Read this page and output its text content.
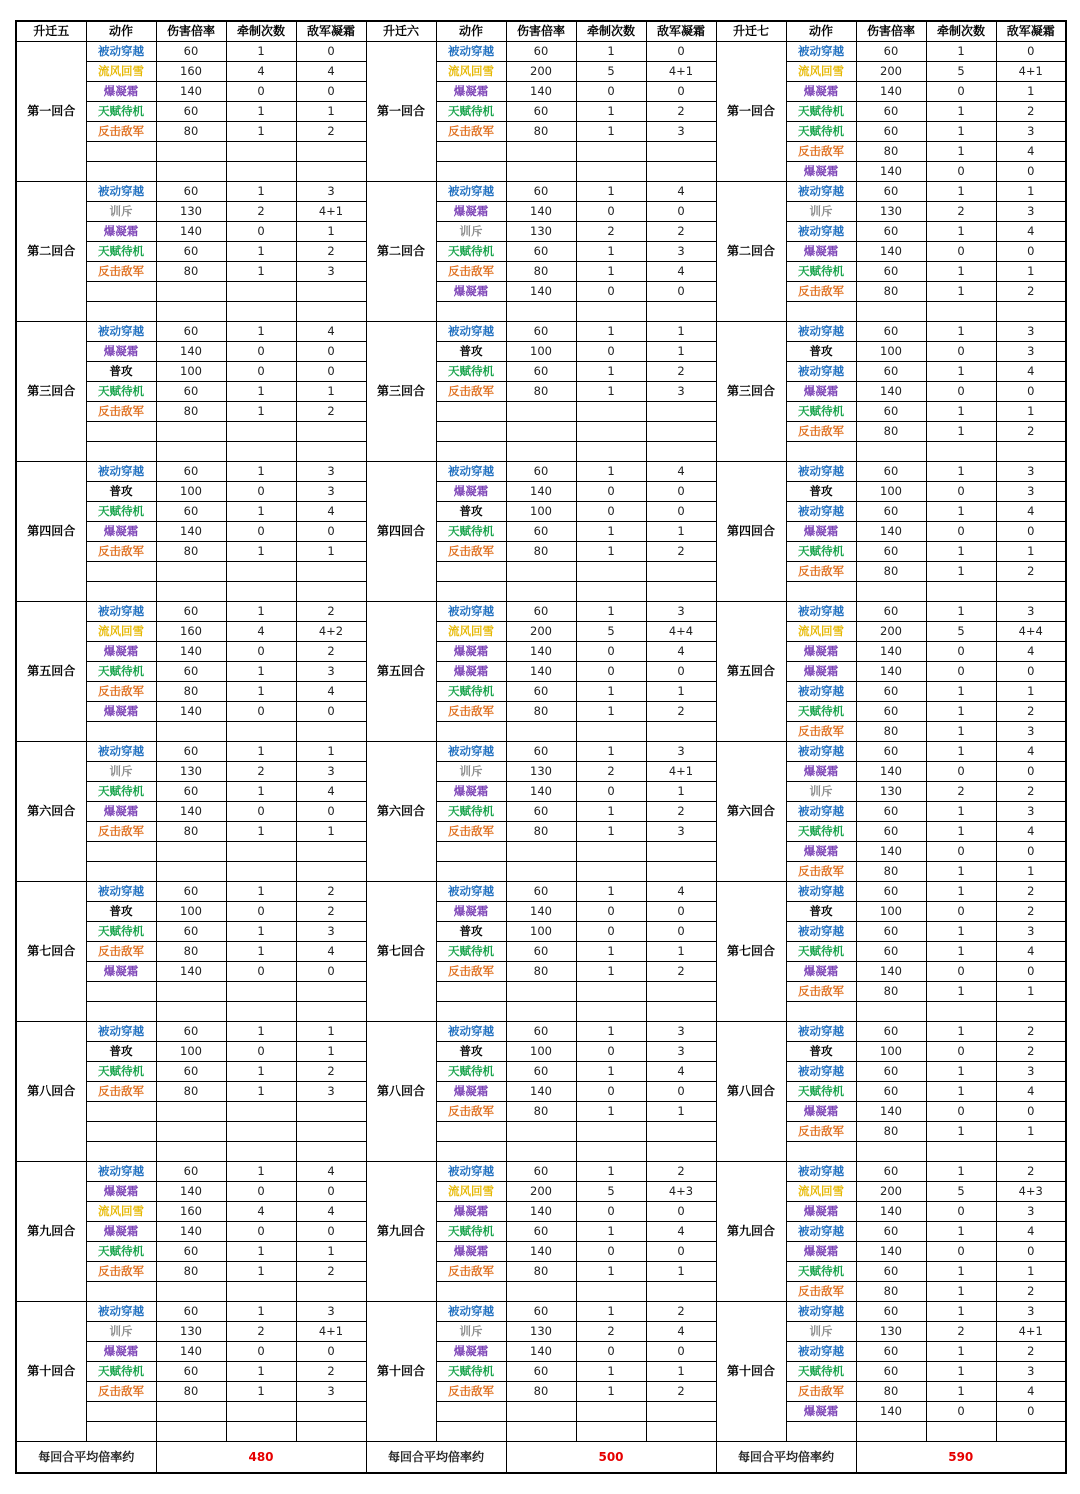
升迁五	动作	伤害倍率	牵制次数	敌军凝霜	升迁六	动作	伤害倍率	牵制次数	敌军凝霜	升迁七	动作	伤害倍率	牵制次数	敌军凝霜
第一回合	被动穿越	60	1	0	第一回合	被动穿越	60	1	0	第一回合	被动穿越	60	1	0
	流风回雪	160	4	4		流风回雪	200	5	4+1		流风回雪	200	5	4+1
	爆凝霜	140	0	0		爆凝霜	140	0	0		爆凝霜	140	0	1
	天赋待机	60	1	1		天赋待机	60	1	2		天赋待机	60	1	2
	反击敌军	80	1	2		反击敌军	80	1	3		天赋待机	60	1	3
											反击敌军	80	1	4
											爆凝霜	140	0	0
第二回合	被动穿越	60	1	3	第二回合	被动穿越	60	1	4	第二回合	被动穿越	60	1	1
	训斥	130	2	4+1		爆凝霜	140	0	0		训斥	130	2	3
	爆凝霜	140	0	1		训斥	130	2	2		被动穿越	60	1	4
	天赋待机	60	1	2		天赋待机	60	1	3		爆凝霜	140	0	0
	反击敌军	80	1	3		反击敌军	80	1	4		天赋待机	60	1	1
						爆凝霜	140	0	0		反击敌军	80	1	2

第三回合	被动穿越	60	1	4	第三回合	被动穿越	60	1	1	第三回合	被动穿越	60	1	3
	爆凝霜	140	0	0		普攻	100	0	1		普攻	100	0	3
	普攻	100	0	0		天赋待机	60	1	2		被动穿越	60	1	4
	天赋待机	60	1	1		反击敌军	80	1	3		爆凝霜	140	0	0
	反击敌军	80	1	2							天赋待机	60	1	1
											反击敌军	80	1	2

第四回合	被动穿越	60	1	3	第四回合	被动穿越	60	1	4	第四回合	被动穿越	60	1	3
	普攻	100	0	3		爆凝霜	140	0	0		普攻	100	0	3
	天赋待机	60	1	4		普攻	100	0	0		被动穿越	60	1	4
	爆凝霜	140	0	0		天赋待机	60	1	1		爆凝霜	140	0	0
	反击敌军	80	1	1		反击敌军	80	1	2		天赋待机	60	1	1
											反击敌军	80	1	2

第五回合	被动穿越	60	1	2	第五回合	被动穿越	60	1	3	第五回合	被动穿越	60	1	3
	流风回雪	160	4	4+2		流风回雪	200	5	4+4		流风回雪	200	5	4+4
	爆凝霜	140	0	2		爆凝霜	140	0	4		爆凝霜	140	0	4
	天赋待机	60	1	3		爆凝霜	140	0	0		爆凝霜	140	0	0
	反击敌军	80	1	4		天赋待机	60	1	1		被动穿越	60	1	1
	爆凝霜	140	0	0		反击敌军	80	1	2		天赋待机	60	1	2
											反击敌军	80	1	3
第六回合	被动穿越	60	1	1	第六回合	被动穿越	60	1	3	第六回合	被动穿越	60	1	4
	训斥	130	2	3		训斥	130	2	4+1		爆凝霜	140	0	0
	天赋待机	60	1	4		爆凝霜	140	0	1		训斥	130	2	2
	爆凝霜	140	0	0		天赋待机	60	1	2		被动穿越	60	1	3
	反击敌军	80	1	1		反击敌军	80	1	3		天赋待机	60	1	4
											爆凝霜	140	0	0
											反击敌军	80	1	1
第七回合	被动穿越	60	1	2	第七回合	被动穿越	60	1	4	第七回合	被动穿越	60	1	2
	普攻	100	0	2		爆凝霜	140	0	0		普攻	100	0	2
	天赋待机	60	1	3		普攻	100	0	0		被动穿越	60	1	3
	反击敌军	80	1	4		天赋待机	60	1	1		天赋待机	60	1	4
	爆凝霜	140	0	0		反击敌军	80	1	2		爆凝霜	140	0	0
											反击敌军	80	1	1

第八回合	被动穿越	60	1	1	第八回合	被动穿越	60	1	3	第八回合	被动穿越	60	1	2
	普攻	100	0	1		普攻	100	0	3		普攻	100	0	2
	天赋待机	60	1	2		天赋待机	60	1	4		被动穿越	60	1	3
	反击敌军	80	1	3		爆凝霜	140	0	0		天赋待机	60	1	4
						反击敌军	80	1	1		爆凝霜	140	0	0
											反击敌军	80	1	1

第九回合	被动穿越	60	1	4	第九回合	被动穿越	60	1	2	第九回合	被动穿越	60	1	2
	爆凝霜	140	0	0		流风回雪	200	5	4+3		流风回雪	200	5	4+3
	流风回雪	160	4	4		爆凝霜	140	0	0		爆凝霜	140	0	3
	爆凝霜	140	0	0		天赋待机	60	1	4		被动穿越	60	1	4
	天赋待机	60	1	1		爆凝霜	140	0	0		爆凝霜	140	0	0
	反击敌军	80	1	2		反击敌军	80	1	1		天赋待机	60	1	1
											反击敌军	80	1	2
第十回合	被动穿越	60	1	3	第十回合	被动穿越	60	1	2	第十回合	被动穿越	60	1	3
	训斥	130	2	4+1		训斥	130	2	4		训斥	130	2	4+1
	爆凝霜	140	0	0		爆凝霜	140	0	0		被动穿越	60	1	2
	天赋待机	60	1	2		天赋待机	60	1	1		天赋待机	60	1	3
	反击敌军	80	1	3		反击敌军	80	1	2		反击敌军	80	1	4
											爆凝霜	140	0	0

每回合平均倍率约		480			每回合平均倍率约		500			每回合平均倍率约		590		
